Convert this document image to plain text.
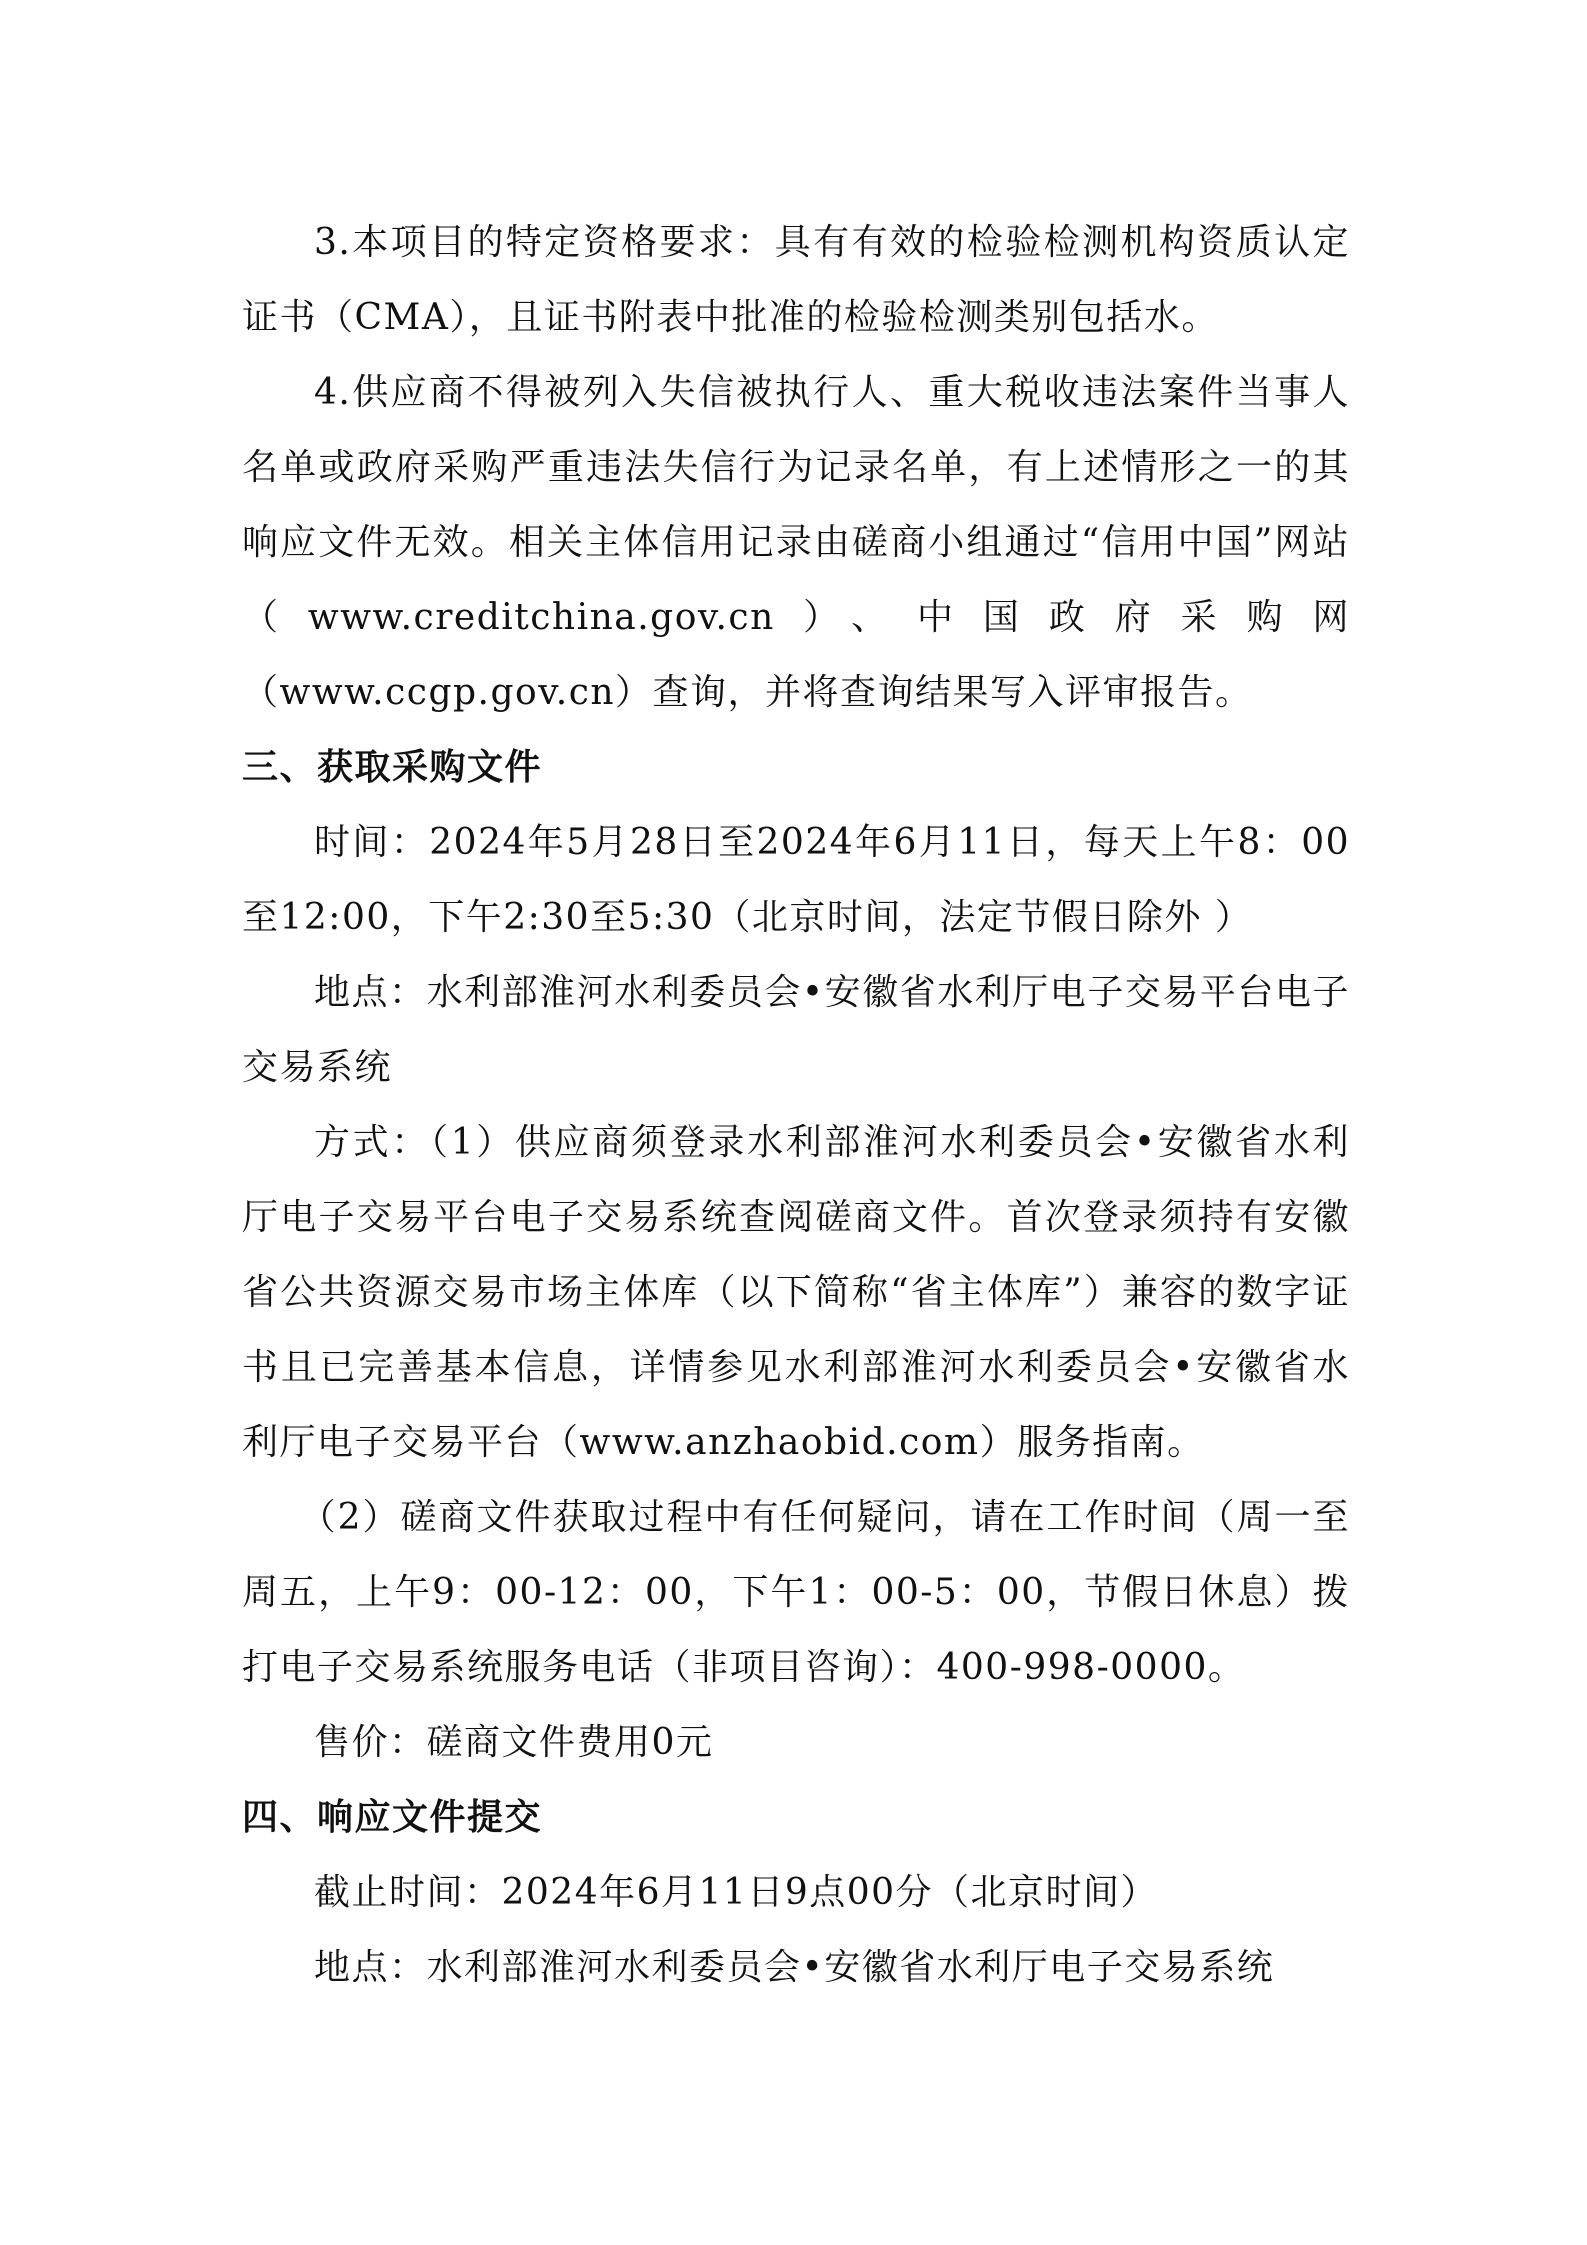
3.本项目的特定资格要求：具有有效的检验检测机构资质认定证书（CMA），且证书附表中批准的检验检测类别包括水。

4.供应商不得被列入失信被执行人、重大税收违法案件当事人名单或政府采购严重违法失信行为记录名单，有上述情形之一的其响应文件无效。相关主体信用记录由磋商小组通过“信用中国”网站（www.creditchina.gov.cn）、中国政府采购网（www.ccgp.gov.cn）查询，并将查询结果写入评审报告。

三、获取采购文件

时间：2024年5月28日至2024年6月11日，每天上午8：00至12:00，下午2:30至5:30（北京时间，法定节假日除外 ）

地点：水利部淮河水利委员会•安徽省水利厅电子交易平台电子交易系统

方式：（1）供应商须登录水利部淮河水利委员会•安徽省水利厅电子交易平台电子交易系统查阅磋商文件。首次登录须持有安徽省公共资源交易市场主体库（以下简称“省主体库”）兼容的数字证书且已完善基本信息，详情参见水利部淮河水利委员会•安徽省水利厅电子交易平台（www.anzhaobid.com）服务指南。

（2）磋商文件获取过程中有任何疑问，请在工作时间（周一至周五，上午9：00-12：00，下午1：00-5：00，节假日休息）拨打电子交易系统服务电话（非项目咨询）：400-998-0000。

售价：磋商文件费用0元

四、响应文件提交

截止时间：2024年6月11日9点00分（北京时间）

地点：水利部淮河水利委员会•安徽省水利厅电子交易系统
